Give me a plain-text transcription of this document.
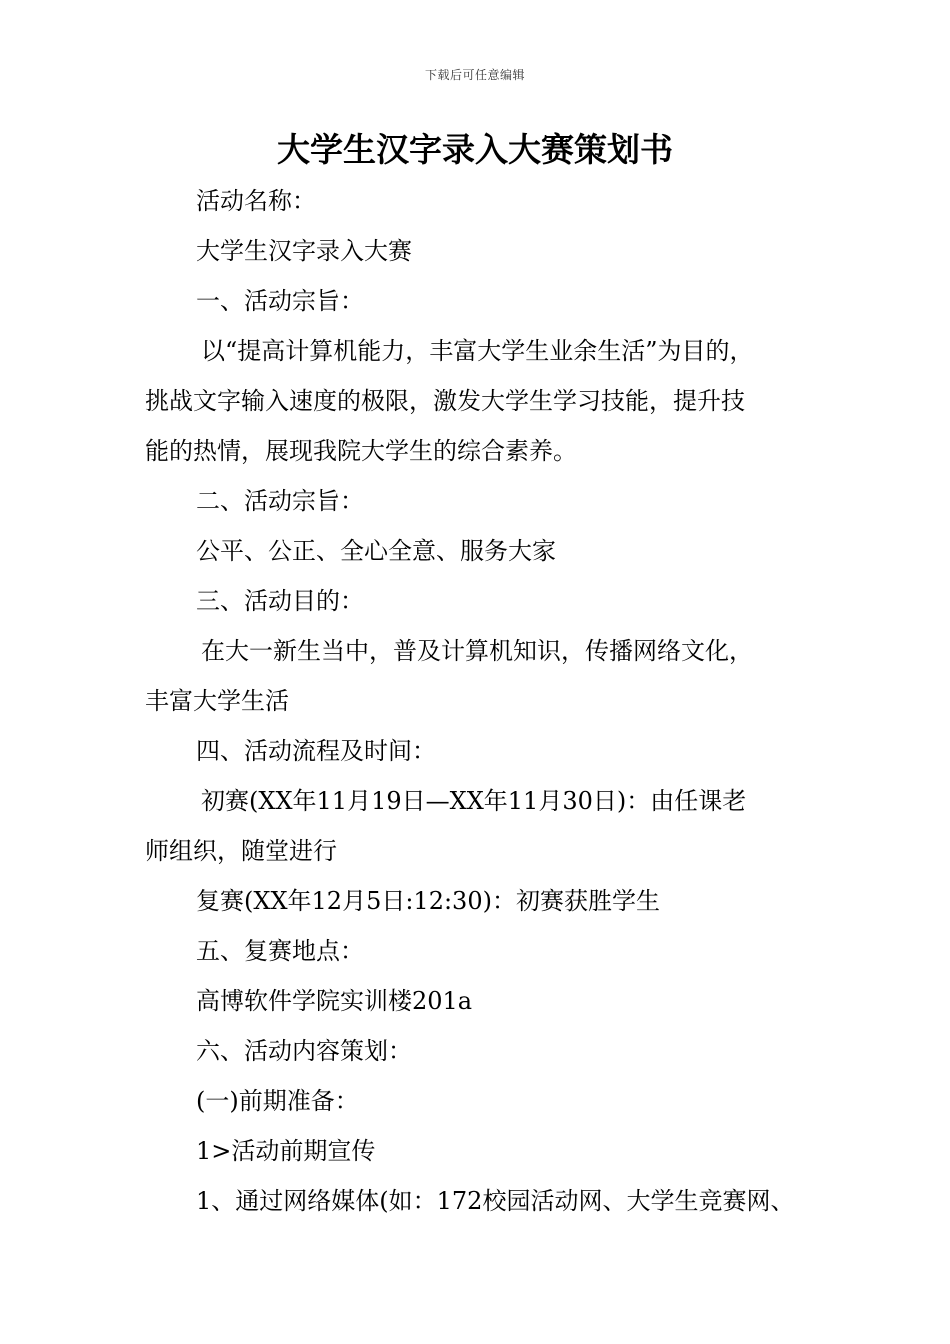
下载后可任意编辑
大学生汉字录入大赛策划书
活动名称：
大学生汉字录入大赛
一、活动宗旨：
以“提高计算机能力，丰富大学生业余生活”为目的，
挑战文字输入速度的极限，激发大学生学习技能，提升技
能的热情，展现我院大学生的综合素养。
二、活动宗旨：
公平、公正、全心全意、服务大家
三、活动目的：
在大一新生当中，普及计算机知识，传播网络文化，
丰富大学生活
四、活动流程及时间：
初赛(XX年11月19日—XX年11月30日)：由任课老
师组织，随堂进行
复赛(XX年12月5日:12:30)：初赛获胜学生
五、复赛地点：
高博软件学院实训楼201a
六、活动内容策划：
(一)前期准备：
1>活动前期宣传
1、通过网络媒体(如：172校园活动网、大学生竞赛网、
